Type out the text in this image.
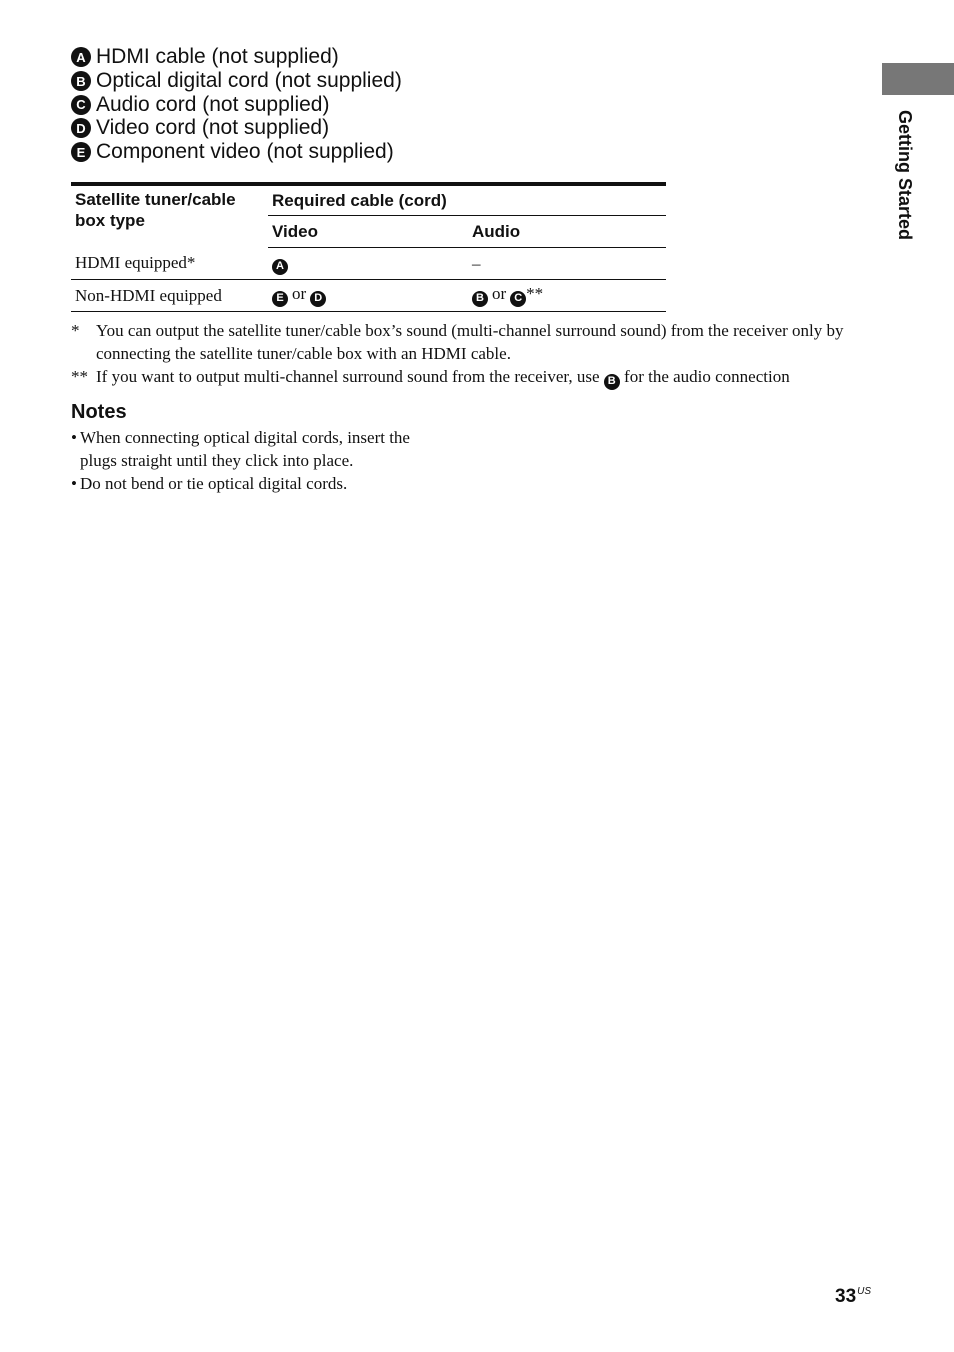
A HDMI cable (not supplied)
B Optical digital cord (not supplied)
C Audio cord (not supplied)
D Video cord (not supplied)
E Component video (not supplied)
Satellite tuner/cable box type	Required cable (cord)	
	Video	Audio
HDMI equipped*	A	–
Non-HDMI equipped	E or D	B or C **
* You can output the satellite tuner/cable box’s sound (multi-channel surround sound) from the receiver only by connecting the satellite tuner/cable box with an HDMI cable.
** If you want to output multi-channel surround sound from the receiver, use B for the audio connection
Notes
• When connecting optical digital cords, insert the plugs straight until they click into place.
• Do not bend or tie optical digital cords.
Getting Started
$33^{US}$
